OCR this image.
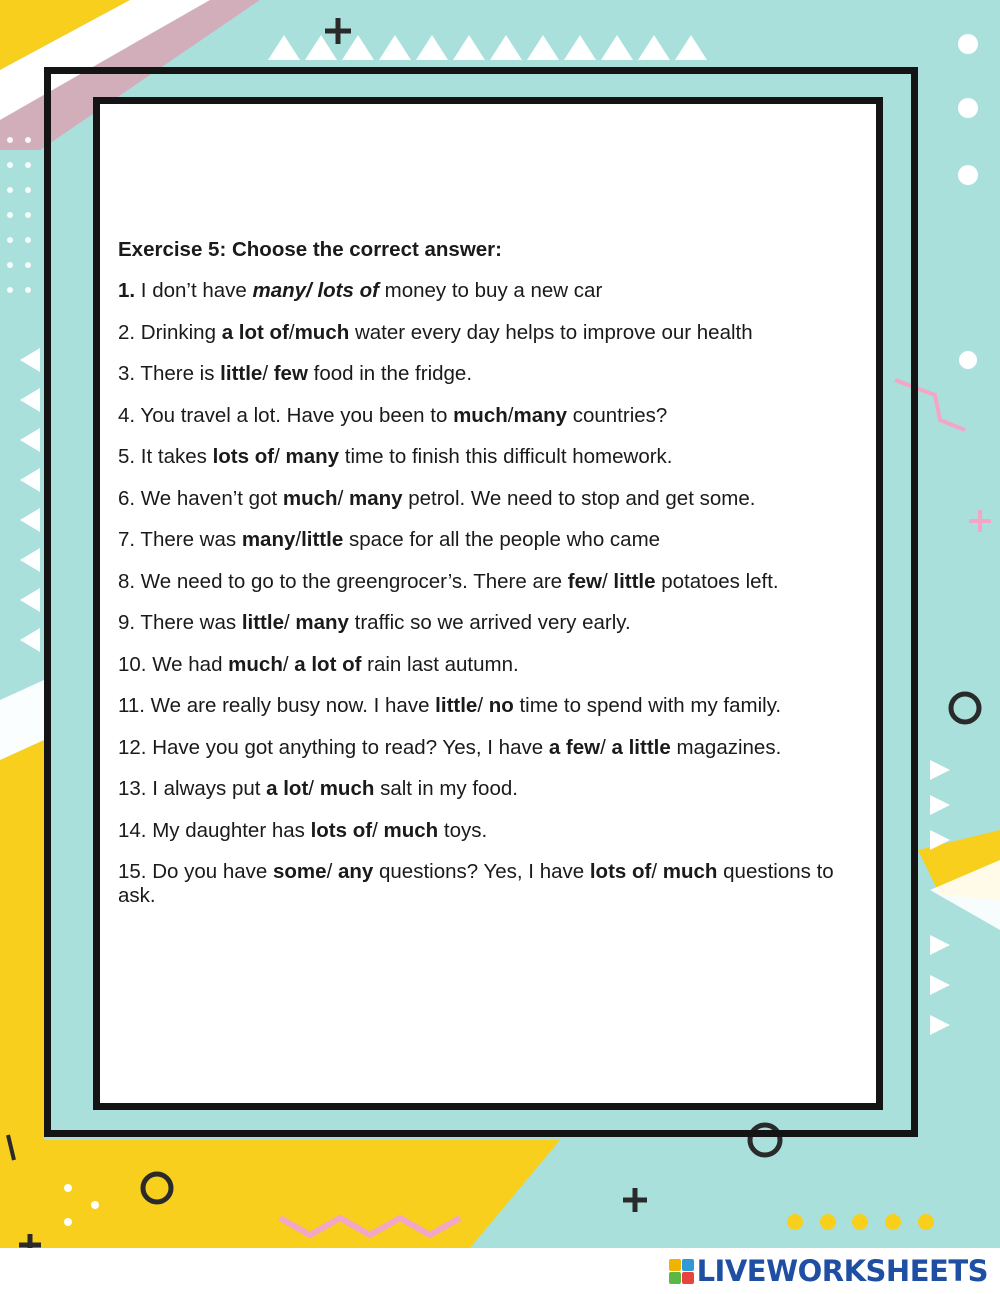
Exercise 5: Choose the correct answer:
1. I don’t have many/ lots of money to buy a new car
2. Drinking a lot of/much water every day helps to improve our health
3. There is little/ few food in the fridge.
4. You travel a lot. Have you been to much/many countries?
5. It takes lots of/ many time to finish this difficult homework.
6. We haven’t got much/ many petrol. We need to stop and get some.
7. There was many/little space for all the people who came
8. We need to go to the greengrocer’s. There are few/ little potatoes left.
9. There was little/ many traffic so we arrived very early.
10. We had much/ a lot of rain last autumn.
11. We are really busy now. I have little/ no time to spend with my family.
12. Have you got anything to read? Yes, I have a few/ a little magazines.
13. I always put a lot/ much salt in my food.
14. My daughter has lots of/ much toys.
15. Do you have some/ any questions? Yes, I have lots of/ much questions to ask.
LIVEWORKSHEETS
